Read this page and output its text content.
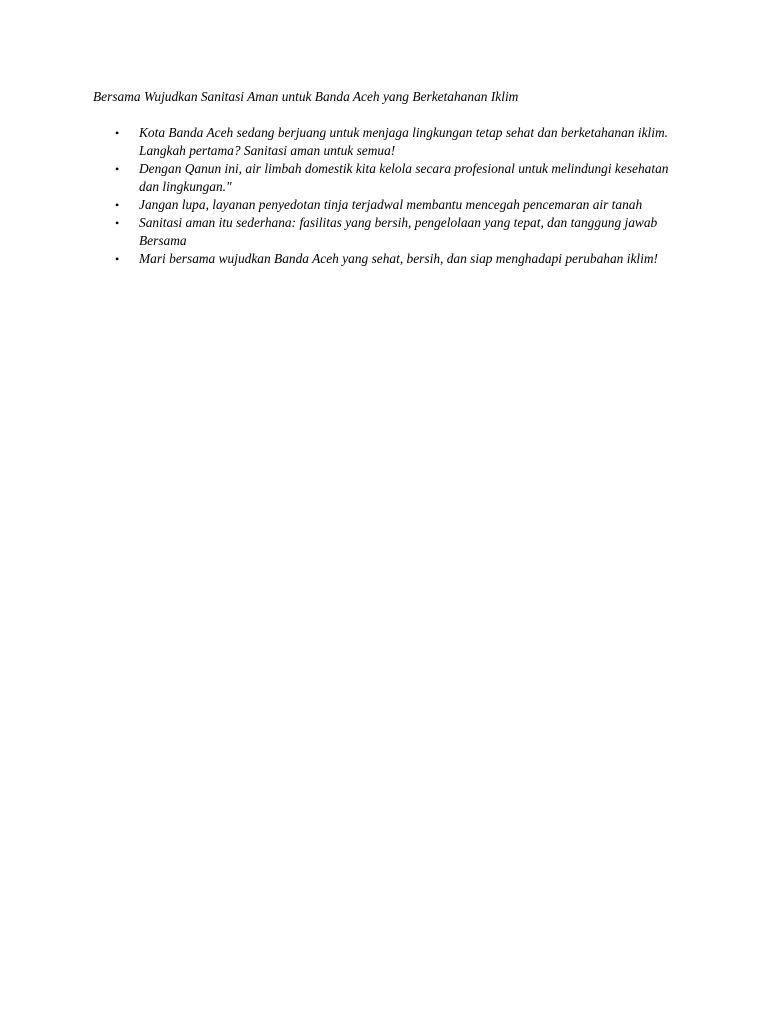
Bersama Wujudkan Sanitasi Aman untuk Banda Aceh yang Berketahanan Iklim

• Kota Banda Aceh sedang berjuang untuk menjaga lingkungan tetap sehat dan berketahanan iklim. Langkah pertama? Sanitasi aman untuk semua!
• Dengan Qanun ini, air limbah domestik kita kelola secara profesional untuk melindungi kesehatan dan lingkungan."
• Jangan lupa, layanan penyedotan tinja terjadwal membantu mencegah pencemaran air tanah
• Sanitasi aman itu sederhana: fasilitas yang bersih, pengelolaan yang tepat, dan tanggung jawab Bersama
• Mari bersama wujudkan Banda Aceh yang sehat, bersih, dan siap menghadapi perubahan iklim!
